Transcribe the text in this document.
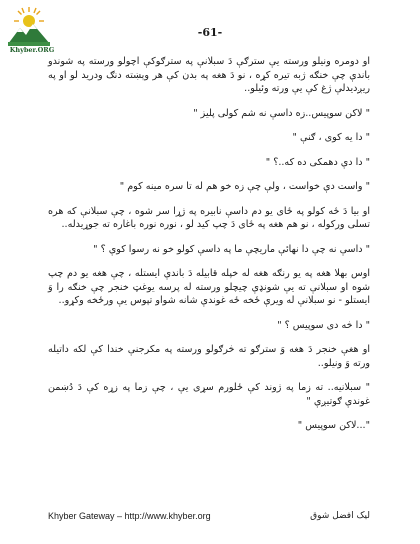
Khyber.ORG
-61-

او دومره ونیلو ورسته یې سترګې دَ سبلانې په سترګوکې اچولو ورسته په شوندو باندې چې خنګه ژبه تیره کړه ، نو دَ هغه په بدن کې هر وېښته دنګ ودرید لو او په ریږدیدلې ژغ کې یې ورته وئیلو..

" لاکن سوپیس..زه داسې نه شم کولی پلیز "

" دا یه کوی ، ګنې "

" دا دې دهمکی ده که..؟ "

" واست دې خواست ، ولې چې زه خو هم له تا سره مینه کوم "

او بیا دَ ځه کولو په ځای یو دم داسې نابیره په ژړا سر شوه ، چې سبلانې که هره تسلی ورکوله ، نو هم هغه په ځای دَ چپ کید لو ، نوره نوره باغاره ته جوړیدله..

" داسې نه چې دا نهائې ماریچې ما په داسې کولو خو نه رسوا کوې ؟ "

اوس بهلا هغه په یو رنګه هغه له خپله قابیله دَ باندې ایستله ، چې هغه یو دم چپ شوه او سبلانې ته یې شونډې چیچلو ورسته له پرسه یوغټ خنجر چې خنګه را وَ ایستلو - نو سبلانې له ویرې ځخه ځه غوندې شانه شواو تپوس یې ورځخه وکړو..

" دا څه دی سوپیس ؟ "

او هغې خنجر دَ هغه وَ سترګو ته څرګولو ورسته په مکرجنې خندا کې لکه داتیله ورته وَ ونیلو..

" سبلانیه.. ته زما په ژوند کې ځلورم سړی یې ، چې زما په زړه کې دَ دُښمن غوندې ګوتیږې "

"...لاکن سوپیس "

Khyber Gateway – http://www.khyber.org	لیک افضل شوق
